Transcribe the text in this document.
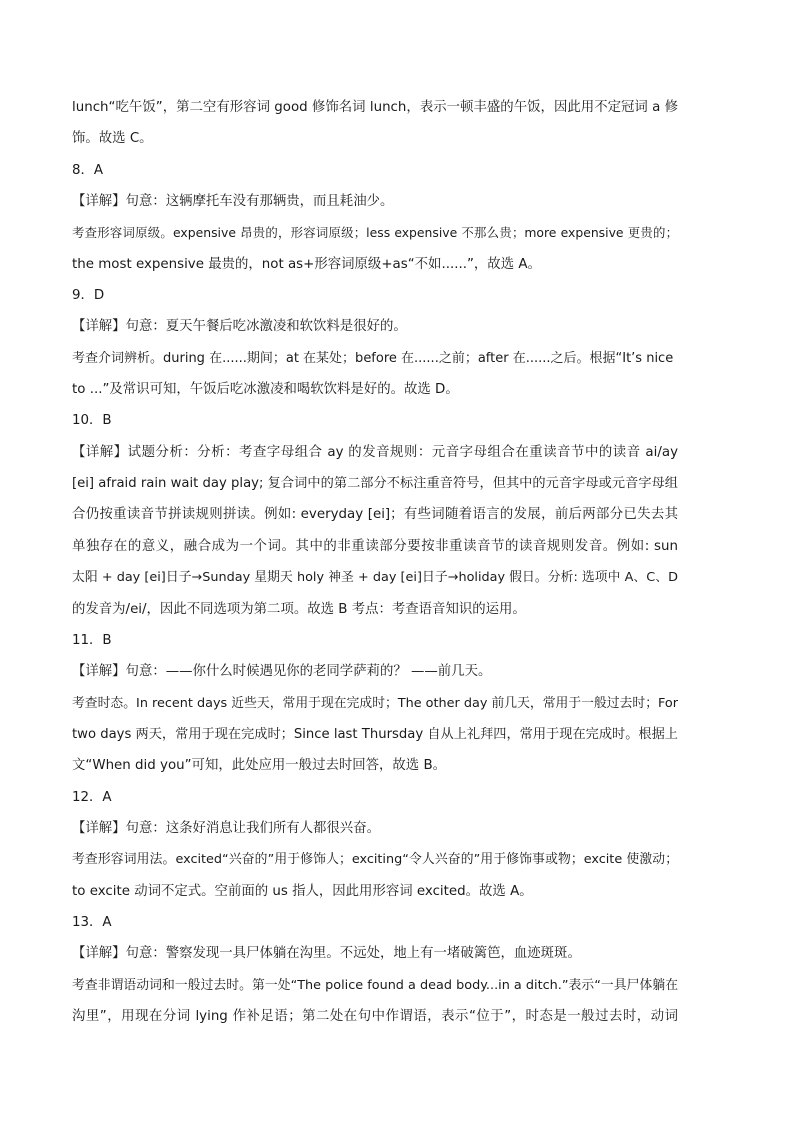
lunch“吃午饭”，第二空有形容词 good 修饰名词 lunch，表示一顿丰盛的午饭，因此用不定冠词 a 修
饰。故选 C。
8．A
【详解】句意：这辆摩托车没有那辆贵，而且耗油少。
考查形容词原级。expensive 昂贵的，形容词原级；less expensive 不那么贵；more expensive 更贵的；
the most expensive 最贵的，not as+形容词原级+as“不如......”，故选 A。
9．D
【详解】句意：夏天午餐后吃冰激凌和软饮料是很好的。
考查介词辨析。during 在......期间；at 在某处；before 在......之前；after 在......之后。根据“It’s nice
to ...”及常识可知，午饭后吃冰激凌和喝软饮料是好的。故选 D。
10．B
【详解】试题分析：分析：考查字母组合 ay 的发音规则：元音字母组合在重读音节中的读音 ai/ay
[ei] afraid rain wait day play; 复合词中的第二部分不标注重音符号，但其中的元音字母或元音字母组
合仍按重读音节拼读规则拼读。例如: everyday [ei]；有些词随着语言的发展，前后两部分已失去其
单独存在的意义，融合成为一个词。其中的非重读部分要按非重读音节的读音规则发音。例如: sun
太阳 + day [ei]日子→Sunday 星期天 holy 神圣 + day [ei]日子→holiday 假日。分析: 选项中 A、C、D
的发音为/ei/，因此不同选项为第二项。故选 B 考点：考查语音知识的运用。
11．B
【详解】句意：——你什么时候遇见你的老同学萨莉的？ ——前几天。
考查时态。In recent days 近些天，常用于现在完成时；The other day 前几天，常用于一般过去时；For
two days 两天，常用于现在完成时；Since last Thursday 自从上礼拜四，常用于现在完成时。根据上
文“When did you”可知，此处应用一般过去时回答，故选 B。
12．A
【详解】句意：这条好消息让我们所有人都很兴奋。
考查形容词用法。excited“兴奋的”用于修饰人；exciting“令人兴奋的”用于修饰事或物；excite 使激动；
to excite 动词不定式。空前面的 us 指人，因此用形容词 excited。故选 A。
13．A
【详解】句意：警察发现一具尸体躺在沟里。不远处，地上有一堵破篱笆，血迹斑斑。
考查非谓语动词和一般过去时。第一处“The police found a dead body...in a ditch.”表示“一具尸体躺在
沟里”，用现在分词 lying 作补足语；第二处在句中作谓语，表示“位于”，时态是一般过去时，动词
